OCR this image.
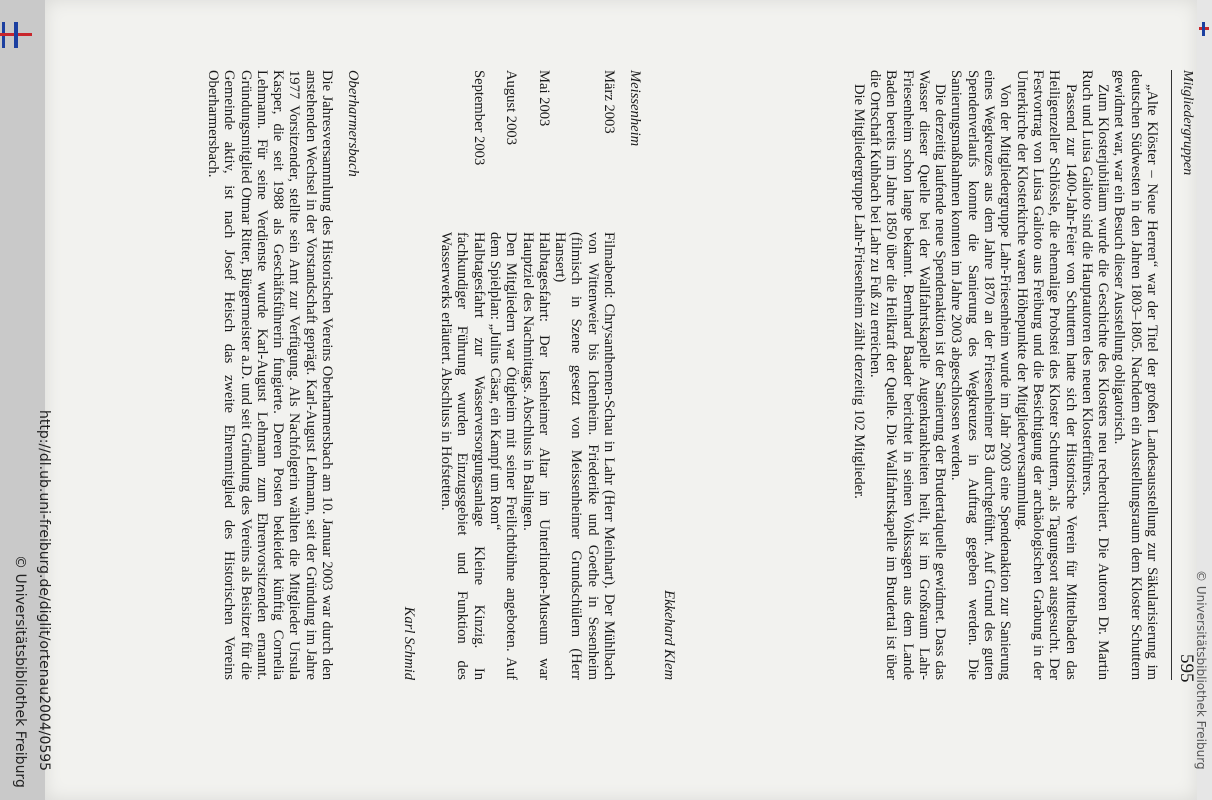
Mitgliedergruppen
595

„Alte Klöster – Neue Herren“ war der Titel der großen Landesausstellung zur Säkularisierung im deutschen Südwesten in den Jahren 1803–1805. Nachdem ein Ausstellungsraum dem Kloster Schuttern gewidmet war, war ein Besuch dieser Ausstellung obligatorisch.

Zum Klosterjubiläum wurde die Geschichte des Klosters neu recherchiert. Die Autoren Dr. Martin Ruch und Luisa Galioto sind die Hauptautoren des neuen Klosterführers.

Passend zur 1400-Jahr-Feier von Schuttern hatte sich der Historische Verein für Mittelbaden das Heiligenzeller Schlössle, die ehemalige Probstei des Kloster Schuttern, als Tagungsort ausgesucht. Der Festvortrag von Luisa Galioto aus Freiburg und die Besichtigung der archäologischen Grabung in der Unterkirche der Klosterkirche waren Höhepunkte der Mitgliederversammlung.

Von der Mitgliedergruppe Lahr-Friesenheim wurde im Jahr 2003 eine Spendenaktion zur Sanierung eines Wegkreuzes aus dem Jahre 1870 an der Friesenheimer B3 durchgeführt. Auf Grund des guten Spendenverlaufs konnte die Sanierung des Wegkreuzes in Auftrag gegeben werden. Die Sanierungsmaßnahmen konnten im Jahre 2003 abgeschlossen werden.

Die derzeitig laufende neue Spendenaktion ist der Sanierung der Brudertalquelle gewidmet. Dass das Wasser dieser Quelle bei der Wallfahrtskapelle Augenkrankheiten heilt, ist im Großraum Lahr-Friesenheim schon lange bekannt. Bernhard Baader berichtet in seinen Volkssagen aus dem Lande Baden bereits im Jahre 1850 über die Heilkraft der Quelle. Die Wallfahrtskapelle im Brudertal ist über die Ortschaft Kuhbach bei Lahr zu Fuß zu erreichen.

Die Mitgliedergruppe Lahr-Friesenheim zählt derzeitig 102 Mitglieder.

Ekkehard Klem
Meissenheim
März 2003
Filmabend: Chrysanthemen-Schau in Lahr (Herr Meinhart). Der Mühlbach von Wittenweier bis Ichenheim. Friederike und Goethe in Sesenheim (filmisch in Szene gesetzt von Meissenheimer Grundschülern (Herr Hansert)
Mai 2003
Halbtagesfahrt: Der Isenheimer Altar im Unterlinden-Museum war Hauptziel des Nachmittags. Abschluss in Balingen.
August 2003
Den Mitgliedern war Ötigheim mit seiner Freilichtbühne angeboten. Auf dem Spielplan: „Julius Cäsar, ein Kampf um Rom“
September 2003
Halbtagesfahrt zur Wasserversorgungsanlage Kleine Kinzig. In fachkundiger Führung wurden Einzugsgebiet und Funktion des Wasserwerks erläutert. Abschluss in Hofstetten.
Karl Schmid
Oberharmersbach

Die Jahresversammlung des Historischen Vereins Oberharmersbach am 10. Januar 2003 war durch den anstehenden Wechsel in der Vorstandschaft geprägt. Karl-August Lehmann, seit der Gründung im Jahre 1977 Vorsitzender, stellte sein Amt zur Verfügung. Als Nachfolgerin wählten die Mitglieder Ursula Kasper, die seit 1988 als Geschäftsführerin fungierte. Deren Posten bekleidet künftig Cornelia Lehmann. Für seine Verdienste wurde Karl-August Lehmann zum Ehrenvorsitzenden ernannt. Gründungsmitglied Otmar Ritter, Bürgermeister a.D. und seit Gründung des Vereins als Beisitzer für die Gemeinde aktiv, ist nach Josef Heisch das zweite Ehrenmitglied des Historischen Vereins Oberharmersbach.

© Universitätsbibliothek Freiburg
http://dl.ub.uni-freiburg.de/diglit/ortenau2004/0595
© Universitätsbibliothek Freiburg
